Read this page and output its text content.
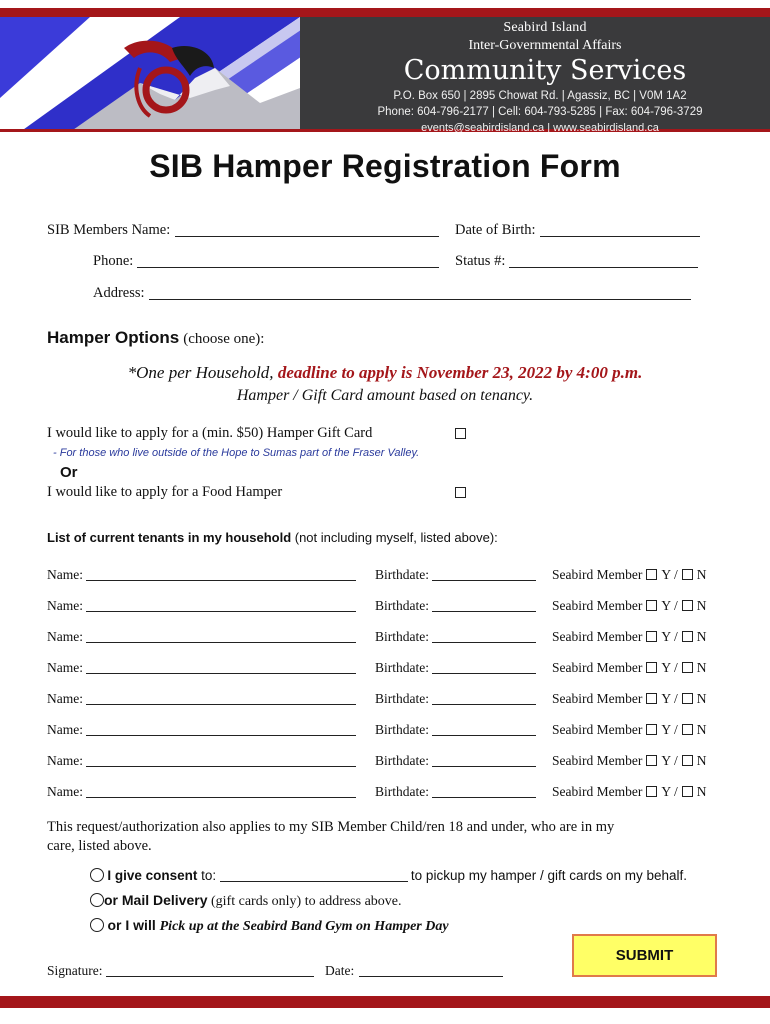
Seabird Island
Inter-Governmental Affairs
Community Services
P.O. Box 650 | 2895 Chowat Rd. | Agassiz, BC | V0M 1A2
Phone: 604-796-2177 | Cell: 604-793-5285 | Fax: 604-796-3729
events@seabirdisland.ca | www.seabirdisland.ca
SIB Hamper Registration Form
SIB Members Name:	Date of Birth:
Phone:	Status #:
Address:
Hamper Options (choose one):
*One per Household, deadline to apply is November 23, 2022 by 4:00 p.m.
Hamper / Gift Card amount based on tenancy.
I would like to apply for a (min. $50) Hamper Gift Card
- For those who live outside of the Hope to Sumas part of the Fraser Valley.
Or
I would like to apply for a Food Hamper
List of current tenants in my household (not including myself, listed above):
Name:	Birthdate:	Seabird Member Y / N
Name:	Birthdate:	Seabird Member Y / N
Name:	Birthdate:	Seabird Member Y / N
Name:	Birthdate:	Seabird Member Y / N
Name:	Birthdate:	Seabird Member Y / N
Name:	Birthdate:	Seabird Member Y / N
Name:	Birthdate:	Seabird Member Y / N
Name:	Birthdate:	Seabird Member Y / N
This request/authorization also applies to my SIB Member Child/ren 18 and under, who are in my
care, listed above.
I give consent to:	to pickup my hamper / gift cards on my behalf.
or Mail Delivery (gift cards only) to address above.
or I will Pick up at the Seabird Band Gym on Hamper Day
Signature:	Date:
SUBMIT
